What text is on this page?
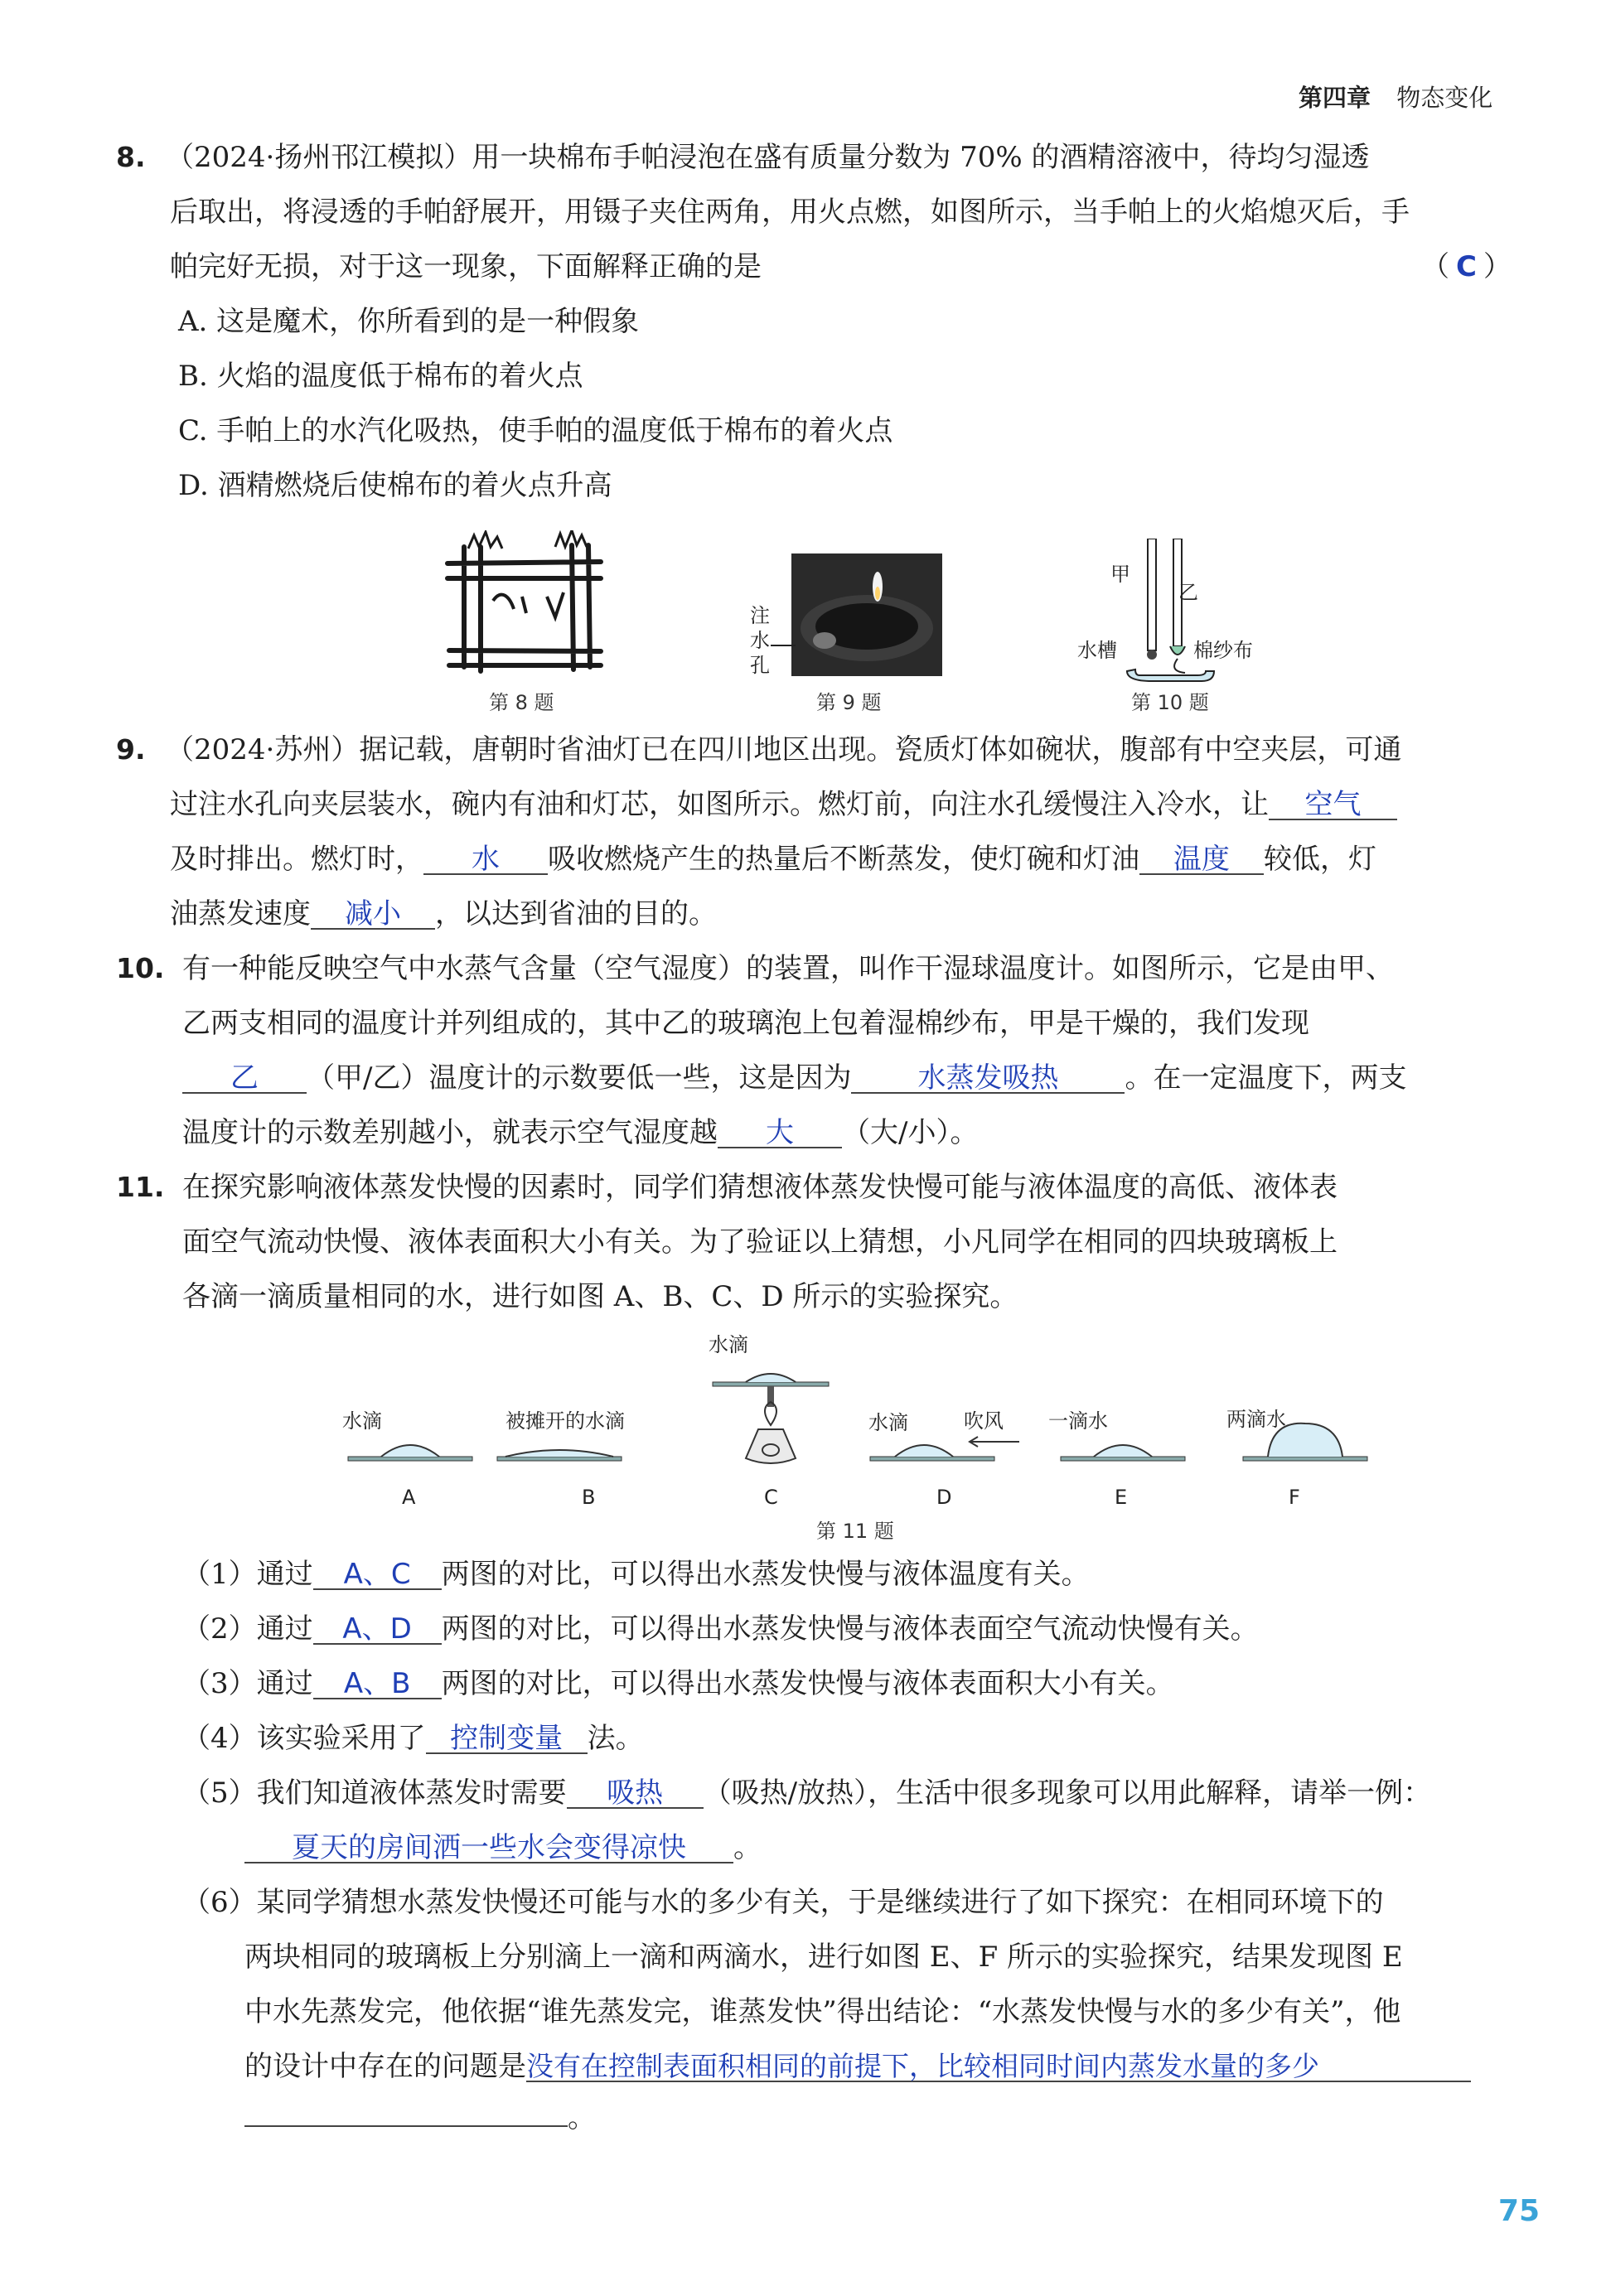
第四章 物态变化
8. （2024·扬州邗江模拟）用一块棉布手帕浸泡在盛有质量分数为 70% 的酒精溶液中，待均匀湿透
后取出，将浸透的手帕舒展开，用镊子夹住两角，用火点燃，如图所示，当手帕上的火焰熄灭后，手
帕完好无损，对于这一现象，下面解释正确的是	（ C ）
A. 这是魔术，你所看到的是一种假象
B. 火焰的温度低于棉布的着火点
C. 手帕上的水汽化吸热，使手帕的温度低于棉布的着火点
D. 酒精燃烧后使棉布的着火点升高
第 8 题
注
水
孔
第 9 题
甲
乙
水槽	棉纱布
第 10 题
9. （2024·苏州）据记载，唐朝时省油灯已在四川地区出现。瓷质灯体如碗状，腹部有中空夹层，可通
过注水孔向夹层装水，碗内有油和灯芯，如图所示。燃灯前，向注水孔缓慢注入冷水，让 空气
及时排出。燃灯时， 水 吸收燃烧产生的热量后不断蒸发，使灯碗和灯油 温度 较低，灯
油蒸发速度 减小 ，以达到省油的目的。
10. 有一种能反映空气中水蒸气含量（空气湿度）的装置，叫作干湿球温度计。如图所示，它是由甲、
乙两支相同的温度计并列组成的，其中乙的玻璃泡上包着湿棉纱布，甲是干燥的，我们发现
乙 （甲/乙）温度计的示数要低一些，这是因为 水蒸发吸热 。在一定温度下，两支
温度计的示数差别越小，就表示空气湿度越 大 （大/小）。
11. 在探究影响液体蒸发快慢的因素时，同学们猜想液体蒸发快慢可能与液体温度的高低、液体表
面空气流动快慢、液体表面积大小有关。为了验证以上猜想，小凡同学在相同的四块玻璃板上
各滴一滴质量相同的水，进行如图 A、B、C、D 所示的实验探究。
水滴	被摊开的水滴
水滴
水滴	吹风 一滴水	两滴水
A	B	C	D	E	F
第 11 题
（1）通过 A、C 两图的对比，可以得出水蒸发快慢与液体温度有关。
（2）通过 A、D 两图的对比，可以得出水蒸发快慢与液体表面空气流动快慢有关。
（3）通过 A、B 两图的对比，可以得出水蒸发快慢与液体表面积大小有关。
（4）该实验采用了 控制变量 法。
（5）我们知道液体蒸发时需要 吸热 （吸热/放热），生活中很多现象可以用此解释，请举一例：
夏天的房间洒一些水会变得凉快 。
（6）某同学猜想水蒸发快慢还可能与水的多少有关，于是继续进行了如下探究：在相同环境下的
两块相同的玻璃板上分别滴上一滴和两滴水，进行如图 E、F 所示的实验探究，结果发现图 E
中水先蒸发完，他依据“谁先蒸发完，谁蒸发快”得出结论：“水蒸发快慢与水的多少有关”，他
的设计中存在的问题是没有在控制表面积相同的前提下，比较相同时间内蒸发水量的多少
。
75
